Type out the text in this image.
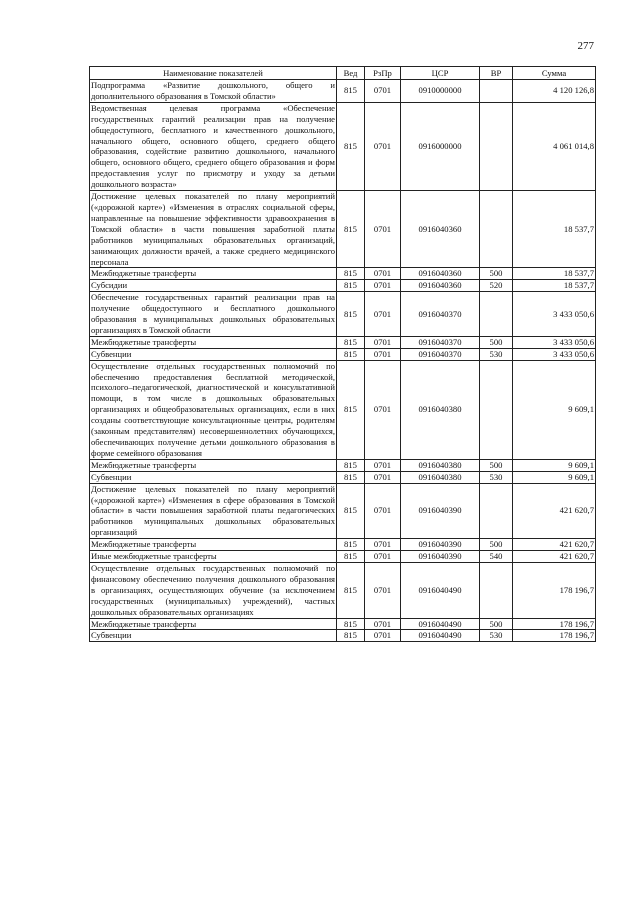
277
Наименование показателей	Вед	РзПр	ЦСР	ВР	Сумма
Подпрограмма «Развитие дошкольного, общего и дополнительного образования в Томской области»	815	0701	0910000000		4 120 126,8
Ведомственная целевая программа «Обеспечение государственных гарантий реализации прав на получение общедоступного, бесплатного и качественного дошкольного, начального общего, основного общего, среднего общего образования, содействие развитию дошкольного, начального общего, основного общего, среднего общего образования и форм предоставления услуг по присмотру и уходу за детьми дошкольного возраста»	815	0701	0916000000		4 061 014,8
Достижение целевых показателей по плану мероприятий («дорожной карте») «Изменения в отраслях социальной сферы, направленные на повышение эффективности здравоохранения в Томской области» в части повышения заработной платы работников муниципальных образовательных организаций, занимающих должности врачей, а также среднего медицинского персонала	815	0701	0916040360		18 537,7
Межбюджетные трансферты	815	0701	0916040360	500	18 537,7
Субсидии	815	0701	0916040360	520	18 537,7
Обеспечение государственных гарантий реализации прав на получение общедоступного и бесплатного дошкольного образования в муниципальных дошкольных образовательных организациях в Томской области	815	0701	0916040370		3 433 050,6
Межбюджетные трансферты	815	0701	0916040370	500	3 433 050,6
Субвенции	815	0701	0916040370	530	3 433 050,6
Осуществление отдельных государственных полномочий по обеспечению предоставления бесплатной методической, психолого–педагогической, диагностической и консультативной помощи, в том числе в дошкольных образовательных организациях и общеобразовательных организациях, если в них созданы соответствующие консультационные центры, родителям (законным представителям) несовершеннолетних обучающихся, обеспечивающих получение детьми дошкольного образования в форме семейного образования	815	0701	0916040380		9 609,1
Межбюджетные трансферты	815	0701	0916040380	500	9 609,1
Субвенции	815	0701	0916040380	530	9 609,1
Достижение целевых показателей по плану мероприятий («дорожной карте») «Изменения в сфере образования в Томской области» в части повышения заработной платы педагогических работников муниципальных дошкольных образовательных организаций	815	0701	0916040390		421 620,7
Межбюджетные трансферты	815	0701	0916040390	500	421 620,7
Иные межбюджетные трансферты	815	0701	0916040390	540	421 620,7
Осуществление отдельных государственных полномочий по финансовому обеспечению получения дошкольного образования в организациях, осуществляющих обучение (за исключением государственных (муниципальных) учреждений), частных дошкольных образовательных организациях	815	0701	0916040490		178 196,7
Межбюджетные трансферты	815	0701	0916040490	500	178 196,7
Субвенции	815	0701	0916040490	530	178 196,7
